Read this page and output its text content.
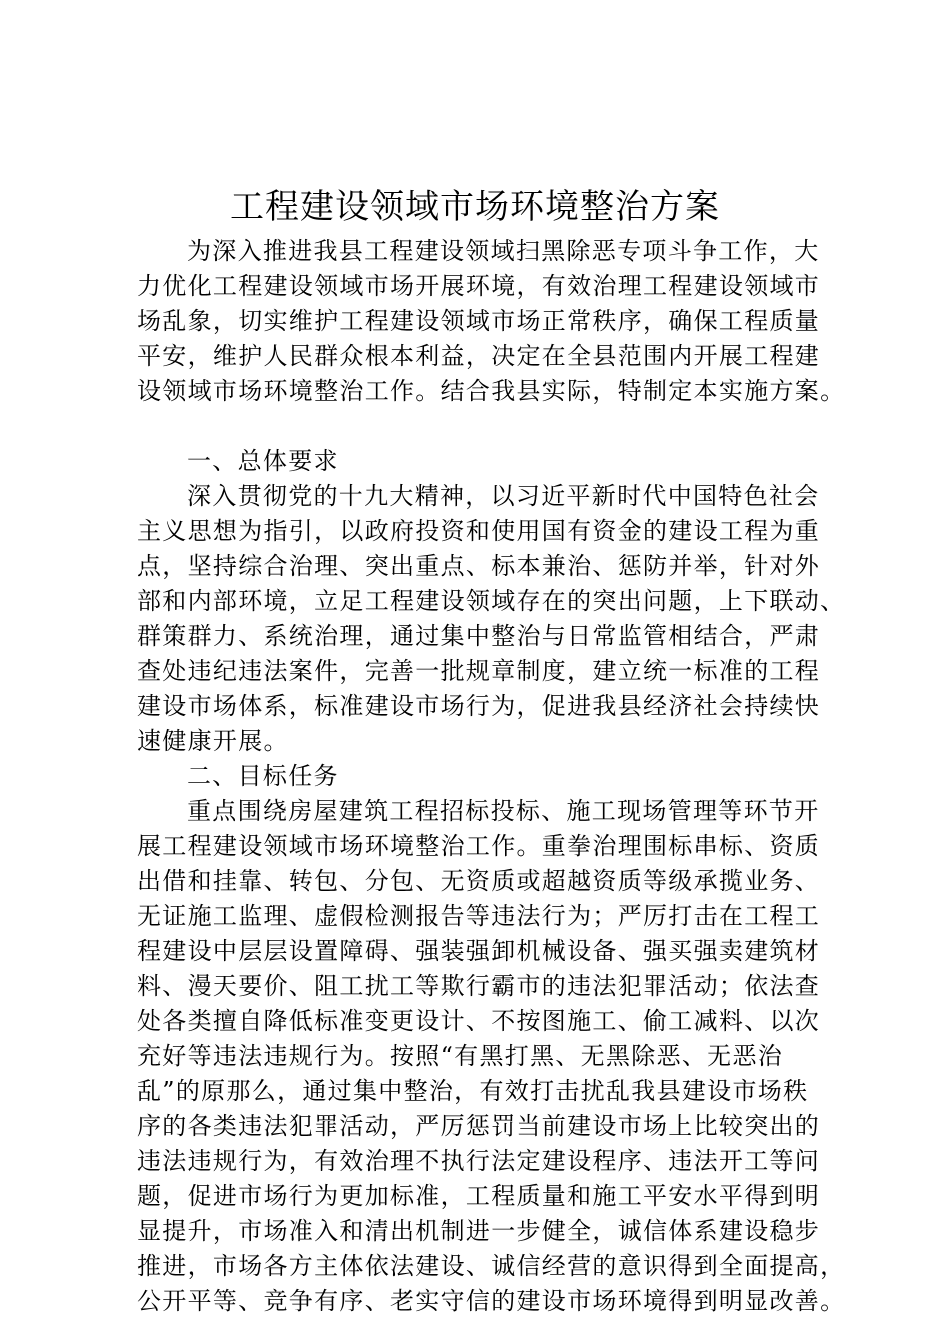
工程建设领域市场环境整治方案
为深入推进我县工程建设领域扫黑除恶专项斗争工作，大
力优化工程建设领域市场开展环境，有效治理工程建设领域市
场乱象，切实维护工程建设领域市场正常秩序，确保工程质量
平安，维护人民群众根本利益，决定在全县范围内开展工程建
设领域市场环境整治工作。结合我县实际，特制定本实施方案。
一、总体要求
深入贯彻党的十九大精神，以习近平新时代中国特色社会
主义思想为指引，以政府投资和使用国有资金的建设工程为重
点，坚持综合治理、突出重点、标本兼治、惩防并举，针对外
部和内部环境，立足工程建设领域存在的突出问题，上下联动、
群策群力、系统治理，通过集中整治与日常监管相结合，严肃
查处违纪违法案件，完善一批规章制度，建立统一标准的工程
建设市场体系，标准建设市场行为，促进我县经济社会持续快
速健康开展。
二、目标任务
重点围绕房屋建筑工程招标投标、施工现场管理等环节开
展工程建设领域市场环境整治工作。重拳治理围标串标、资质
出借和挂靠、转包、分包、无资质或超越资质等级承揽业务、
无证施工监理、虚假检测报告等违法行为；严厉打击在工程工
程建设中层层设置障碍、强装强卸机械设备、强买强卖建筑材
料、漫天要价、阻工扰工等欺行霸市的违法犯罪活动；依法查
处各类擅自降低标准变更设计、不按图施工、偷工减料、以次
充好等违法违规行为。按照“有黑打黑、无黑除恶、无恶治
乱”的原那么，通过集中整治，有效打击扰乱我县建设市场秩
序的各类违法犯罪活动，严厉惩罚当前建设市场上比较突出的
违法违规行为，有效治理不执行法定建设程序、违法开工等问
题，促进市场行为更加标准，工程质量和施工平安水平得到明
显提升，市场准入和清出机制进一步健全，诚信体系建设稳步
推进，市场各方主体依法建设、诚信经营的意识得到全面提高，
公开平等、竞争有序、老实守信的建设市场环境得到明显改善。
